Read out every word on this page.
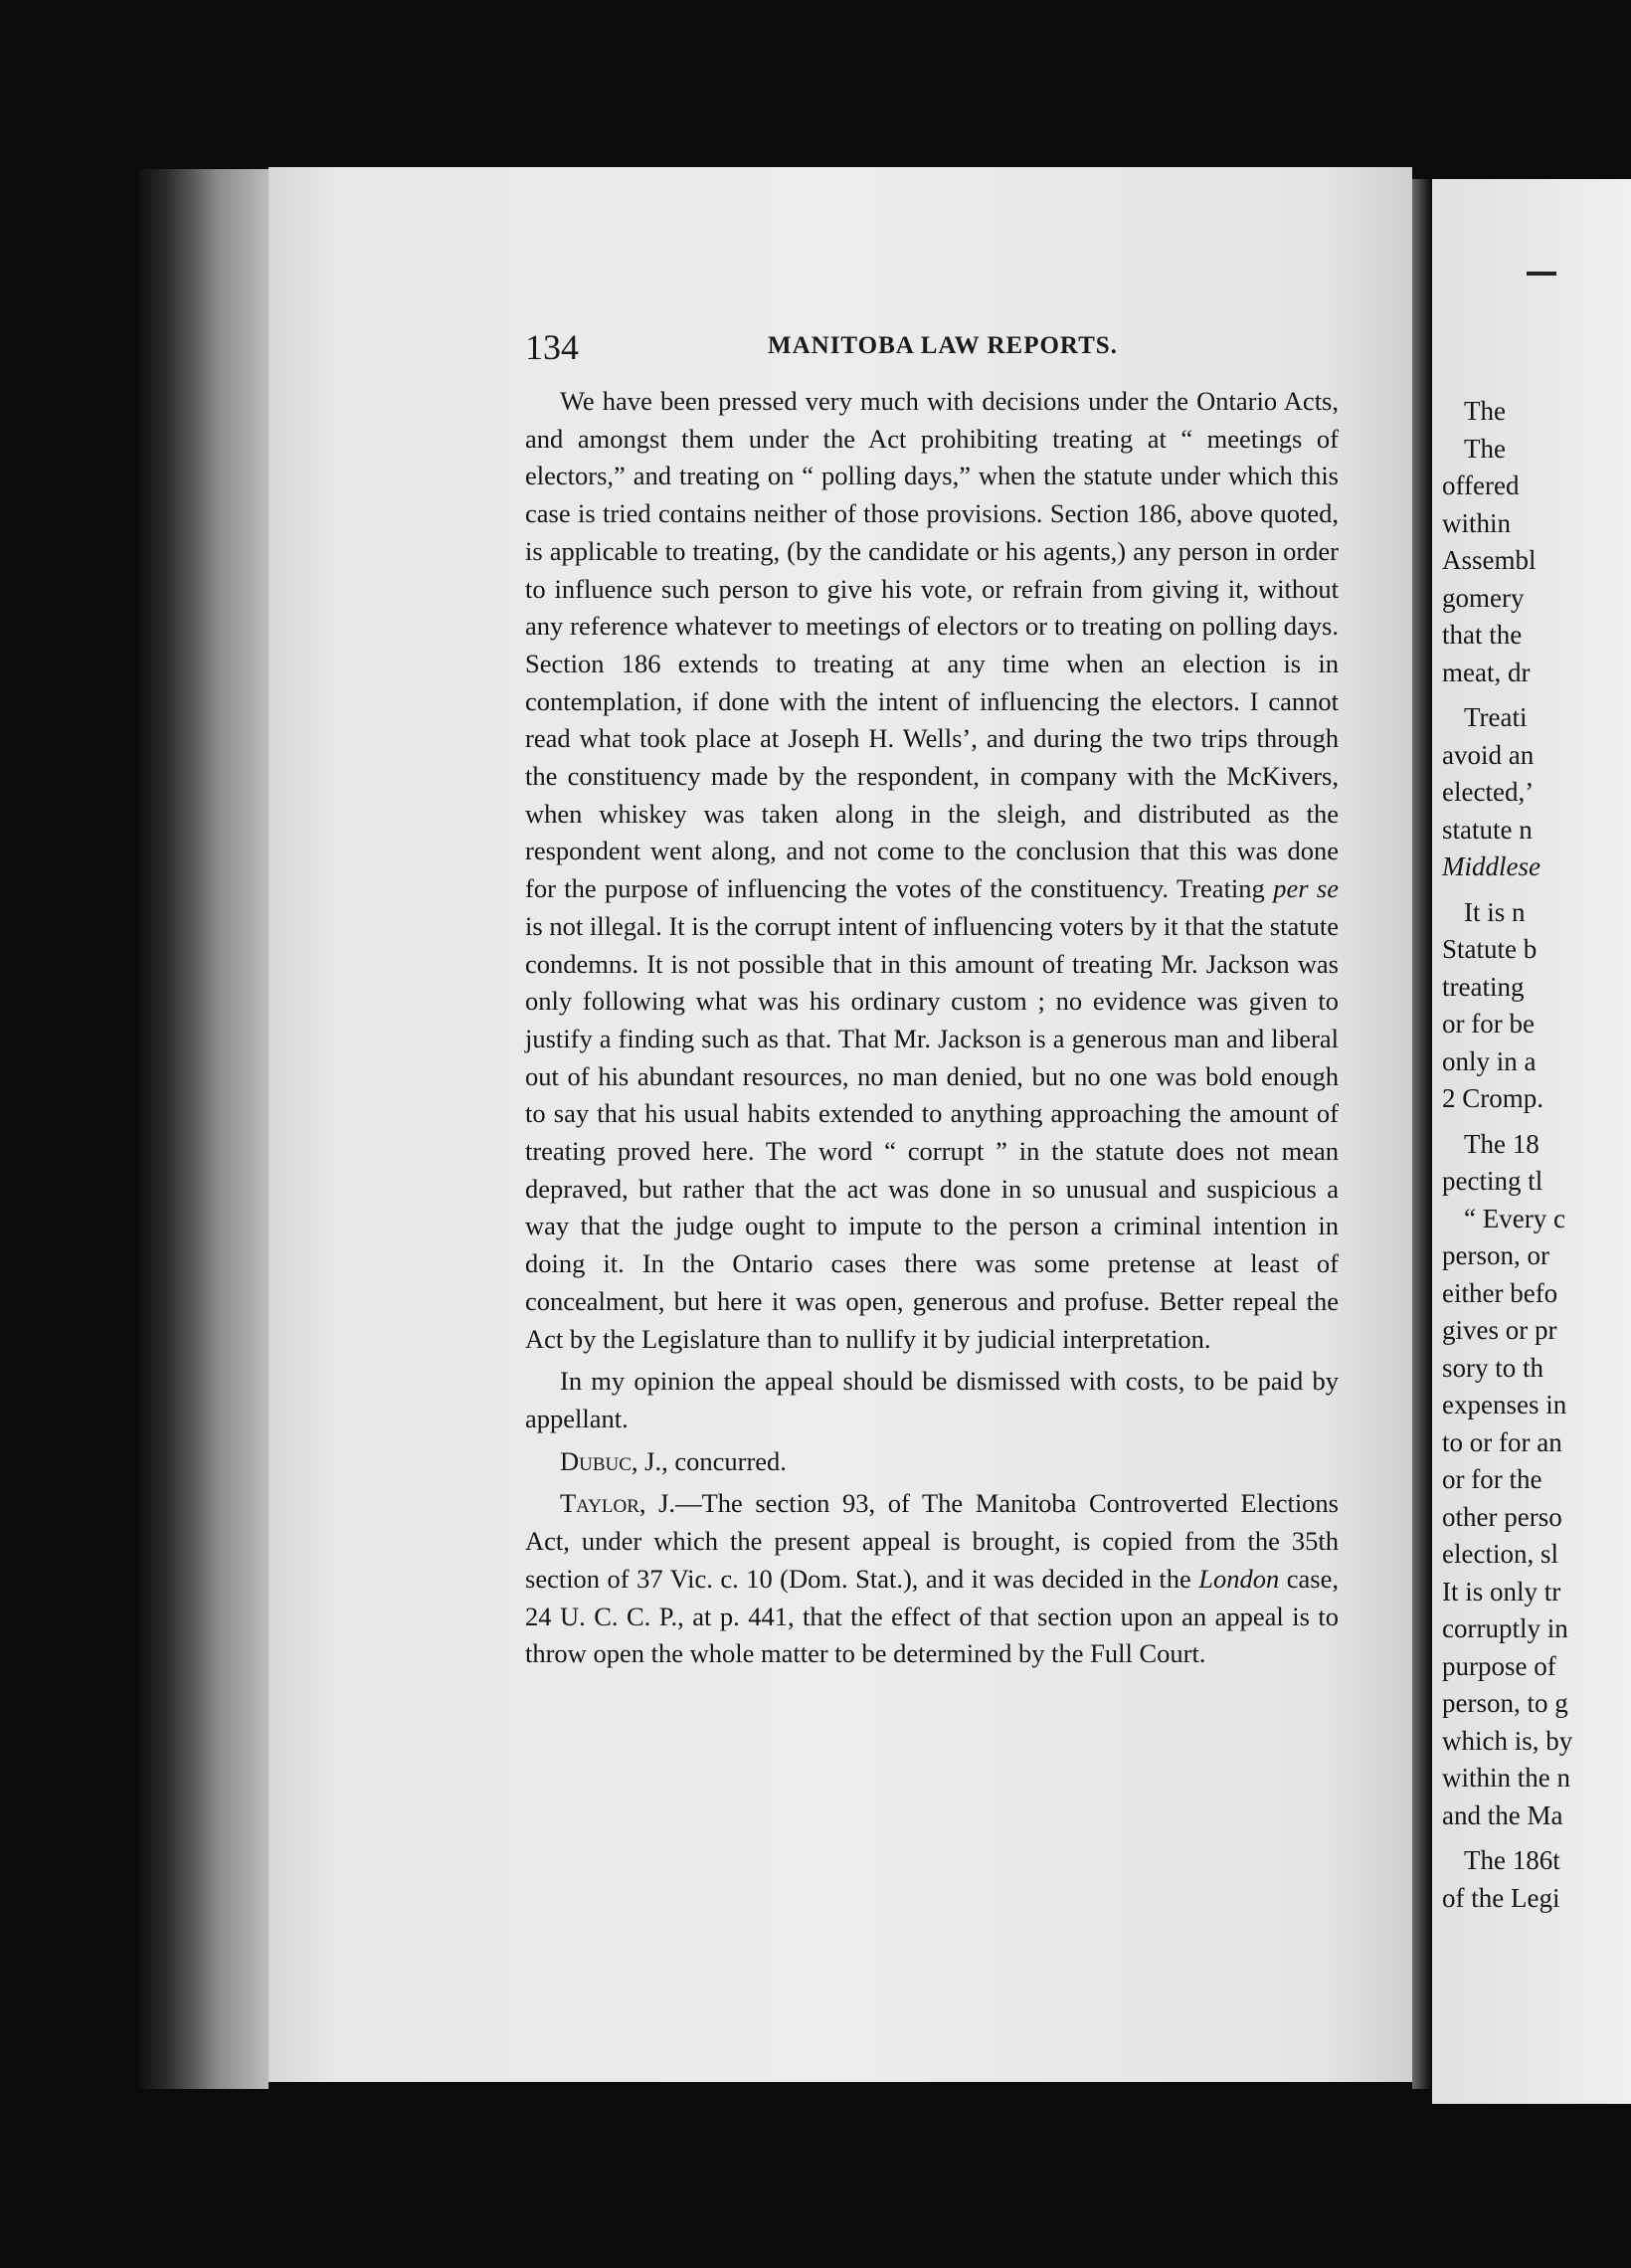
134	MANITOBA LAW REPORTS.

We have been pressed very much with decisions under the Ontario Acts, and amongst them under the Act prohibiting treating at “ meetings of electors,” and treating on “ polling days,” when the statute under which this case is tried contains neither of those provisions. Section 186, above quoted, is applicable to treating, (by the candidate or his agents,) any person in order to influence such person to give his vote, or refrain from giving it, without any reference whatever to meetings of electors or to treating on polling days. Section 186 extends to treating at any time when an election is in contemplation, if done with the intent of influencing the electors. I cannot read what took place at Joseph H. Wells’, and during the two trips through the constituency made by the respondent, in company with the McKivers, when whiskey was taken along in the sleigh, and distributed as the respondent went along, and not come to the conclusion that this was done for the purpose of influencing the votes of the constituency. Treating per se is not illegal. It is the corrupt intent of influencing voters by it that the statute condemns. It is not possible that in this amount of treating Mr. Jackson was only following what was his ordinary custom ; no evidence was given to justify a finding such as that. That Mr. Jackson is a generous man and liberal out of his abundant resources, no man denied, but no one was bold enough to say that his usual habits extended to anything approaching the amount of treating proved here. The word “ corrupt ” in the statute does not mean depraved, but rather that the act was done in so unusual and suspicious a way that the judge ought to impute to the person a criminal intention in doing it. In the Ontario cases there was some pretense at least of concealment, but here it was open, generous and profuse. Better repeal the Act by the Legislature than to nullify it by judicial interpretation.

In my opinion the appeal should be dismissed with costs, to be paid by appellant.

Dubuc, J., concurred.

Taylor, J.—The section 93, of The Manitoba Controverted Elections Act, under which the present appeal is brought, is copied from the 35th section of 37 Vic. c. 10 (Dom. Stat.), and it was decided in the London case, 24 U. C. C. P., at p. 441, that the effect of that section upon an appeal is to throw open the whole matter to be determined by the Full Court.

The
The
offered
within
Assembl
gomery
that the
meat, dr
Treati
avoid an
elected,’
statute n
Middlese
It is n
Statute b
treating
or for be
only in a
2 Cromp.
The 18
pecting tl
“ Every c
person, or
either befo
gives or pr
sory to th
expenses in
to or for an
or for the
other perso
election, sl
It is only tr
corruptly in
purpose of
person, to g
which is, by
within the n
and the Ma
The 186t
of the Legi
